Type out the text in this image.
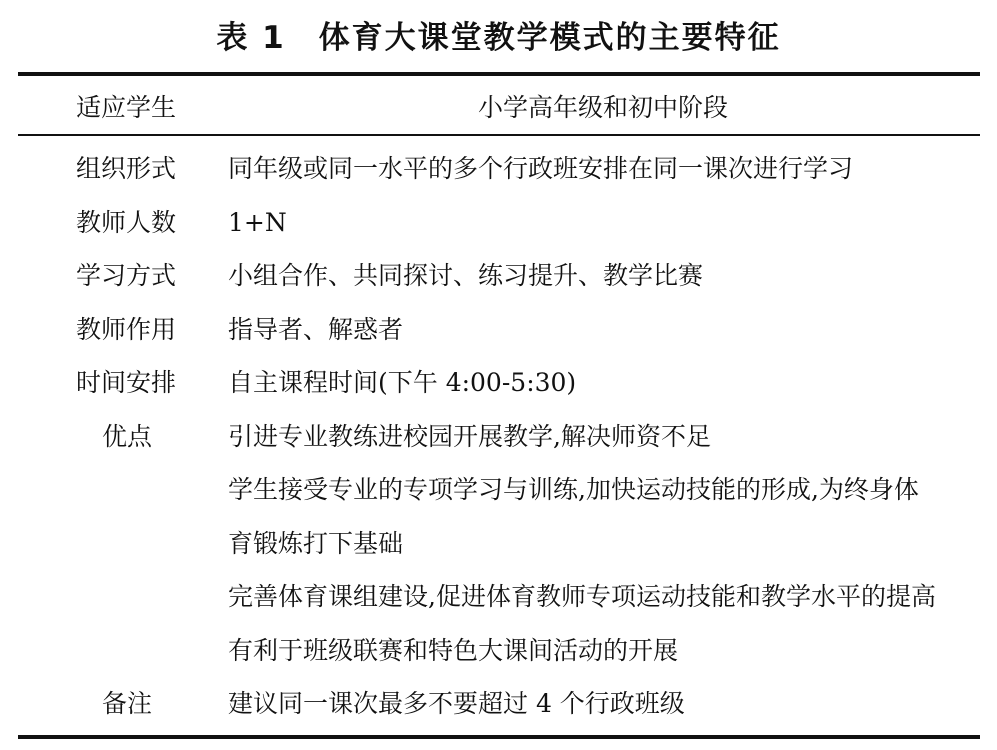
表 1　体育大课堂教学模式的主要特征
适应学生	小学高年级和初中阶段
组织形式 同年级或同一水平的多个行政班安排在同一课次进行学习
教师人数 1+N
学习方式 小组合作、共同探讨、练习提升、教学比赛
教师作用 指导者、解惑者
时间安排 自主课程时间(下午 4:00-5:30)
优点	引进专业教练进校园开展教学,解决师资不足
学生接受专业的专项学习与训练,加快运动技能的形成,为终身体
育锻炼打下基础
完善体育课组建设,促进体育教师专项运动技能和教学水平的提高
有利于班级联赛和特色大课间活动的开展
备注	建议同一课次最多不要超过 4 个行政班级
